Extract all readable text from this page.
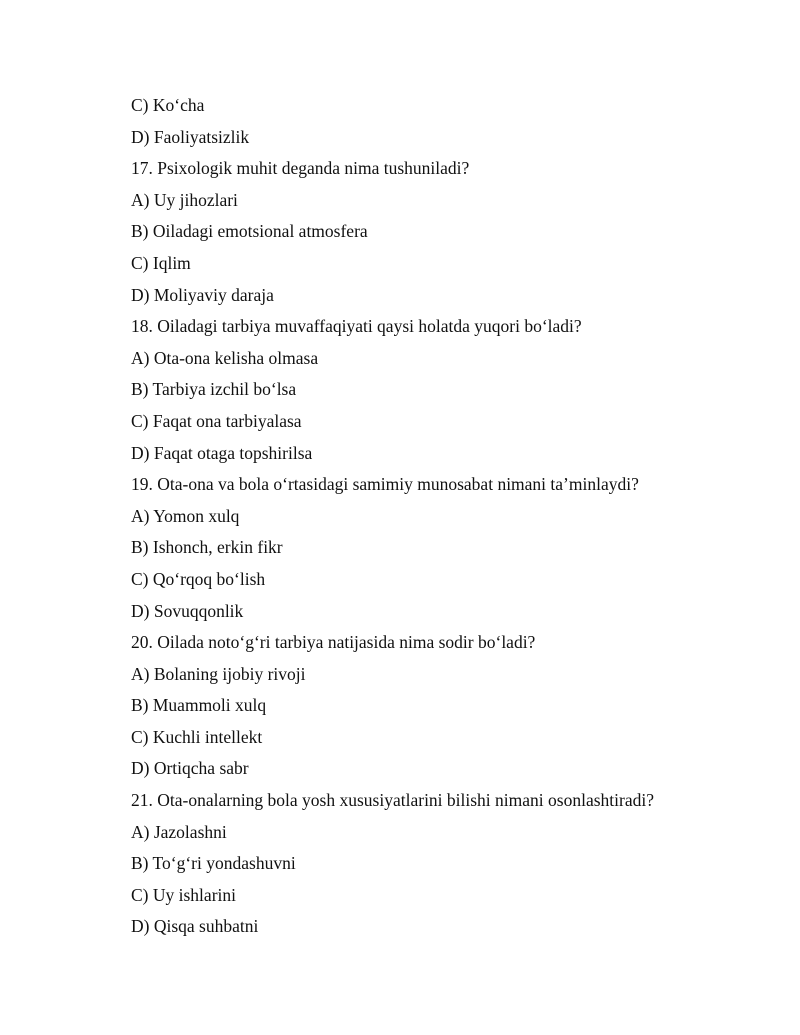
C) Ko‘cha
D) Faoliyatsizlik
17. Psixologik muhit deganda nima tushuniladi?
A) Uy jihozlari
B) Oiladagi emotsional atmosfera
C) Iqlim
D) Moliyaviy daraja
18. Oiladagi tarbiya muvaffaqiyati qaysi holatda yuqori bo‘ladi?
A) Ota-ona kelisha olmasa
B) Tarbiya izchil bo‘lsa
C) Faqat ona tarbiyalasa
D) Faqat otaga topshirilsa
19. Ota-ona va bola o‘rtasidagi samimiy munosabat nimani ta’minlaydi?
A) Yomon xulq
B) Ishonch, erkin fikr
C) Qo‘rqoq bo‘lish
D) Sovuqqonlik
20. Oilada noto‘g‘ri tarbiya natijasida nima sodir bo‘ladi?
A) Bolaning ijobiy rivoji
B) Muammoli xulq
C) Kuchli intellekt
D) Ortiqcha sabr
21. Ota-onalarning bola yosh xususiyatlarini bilishi nimani osonlashtiradi?
A) Jazolashni
B) To‘g‘ri yondashuvni
C) Uy ishlarini
D) Qisqa suhbatni
